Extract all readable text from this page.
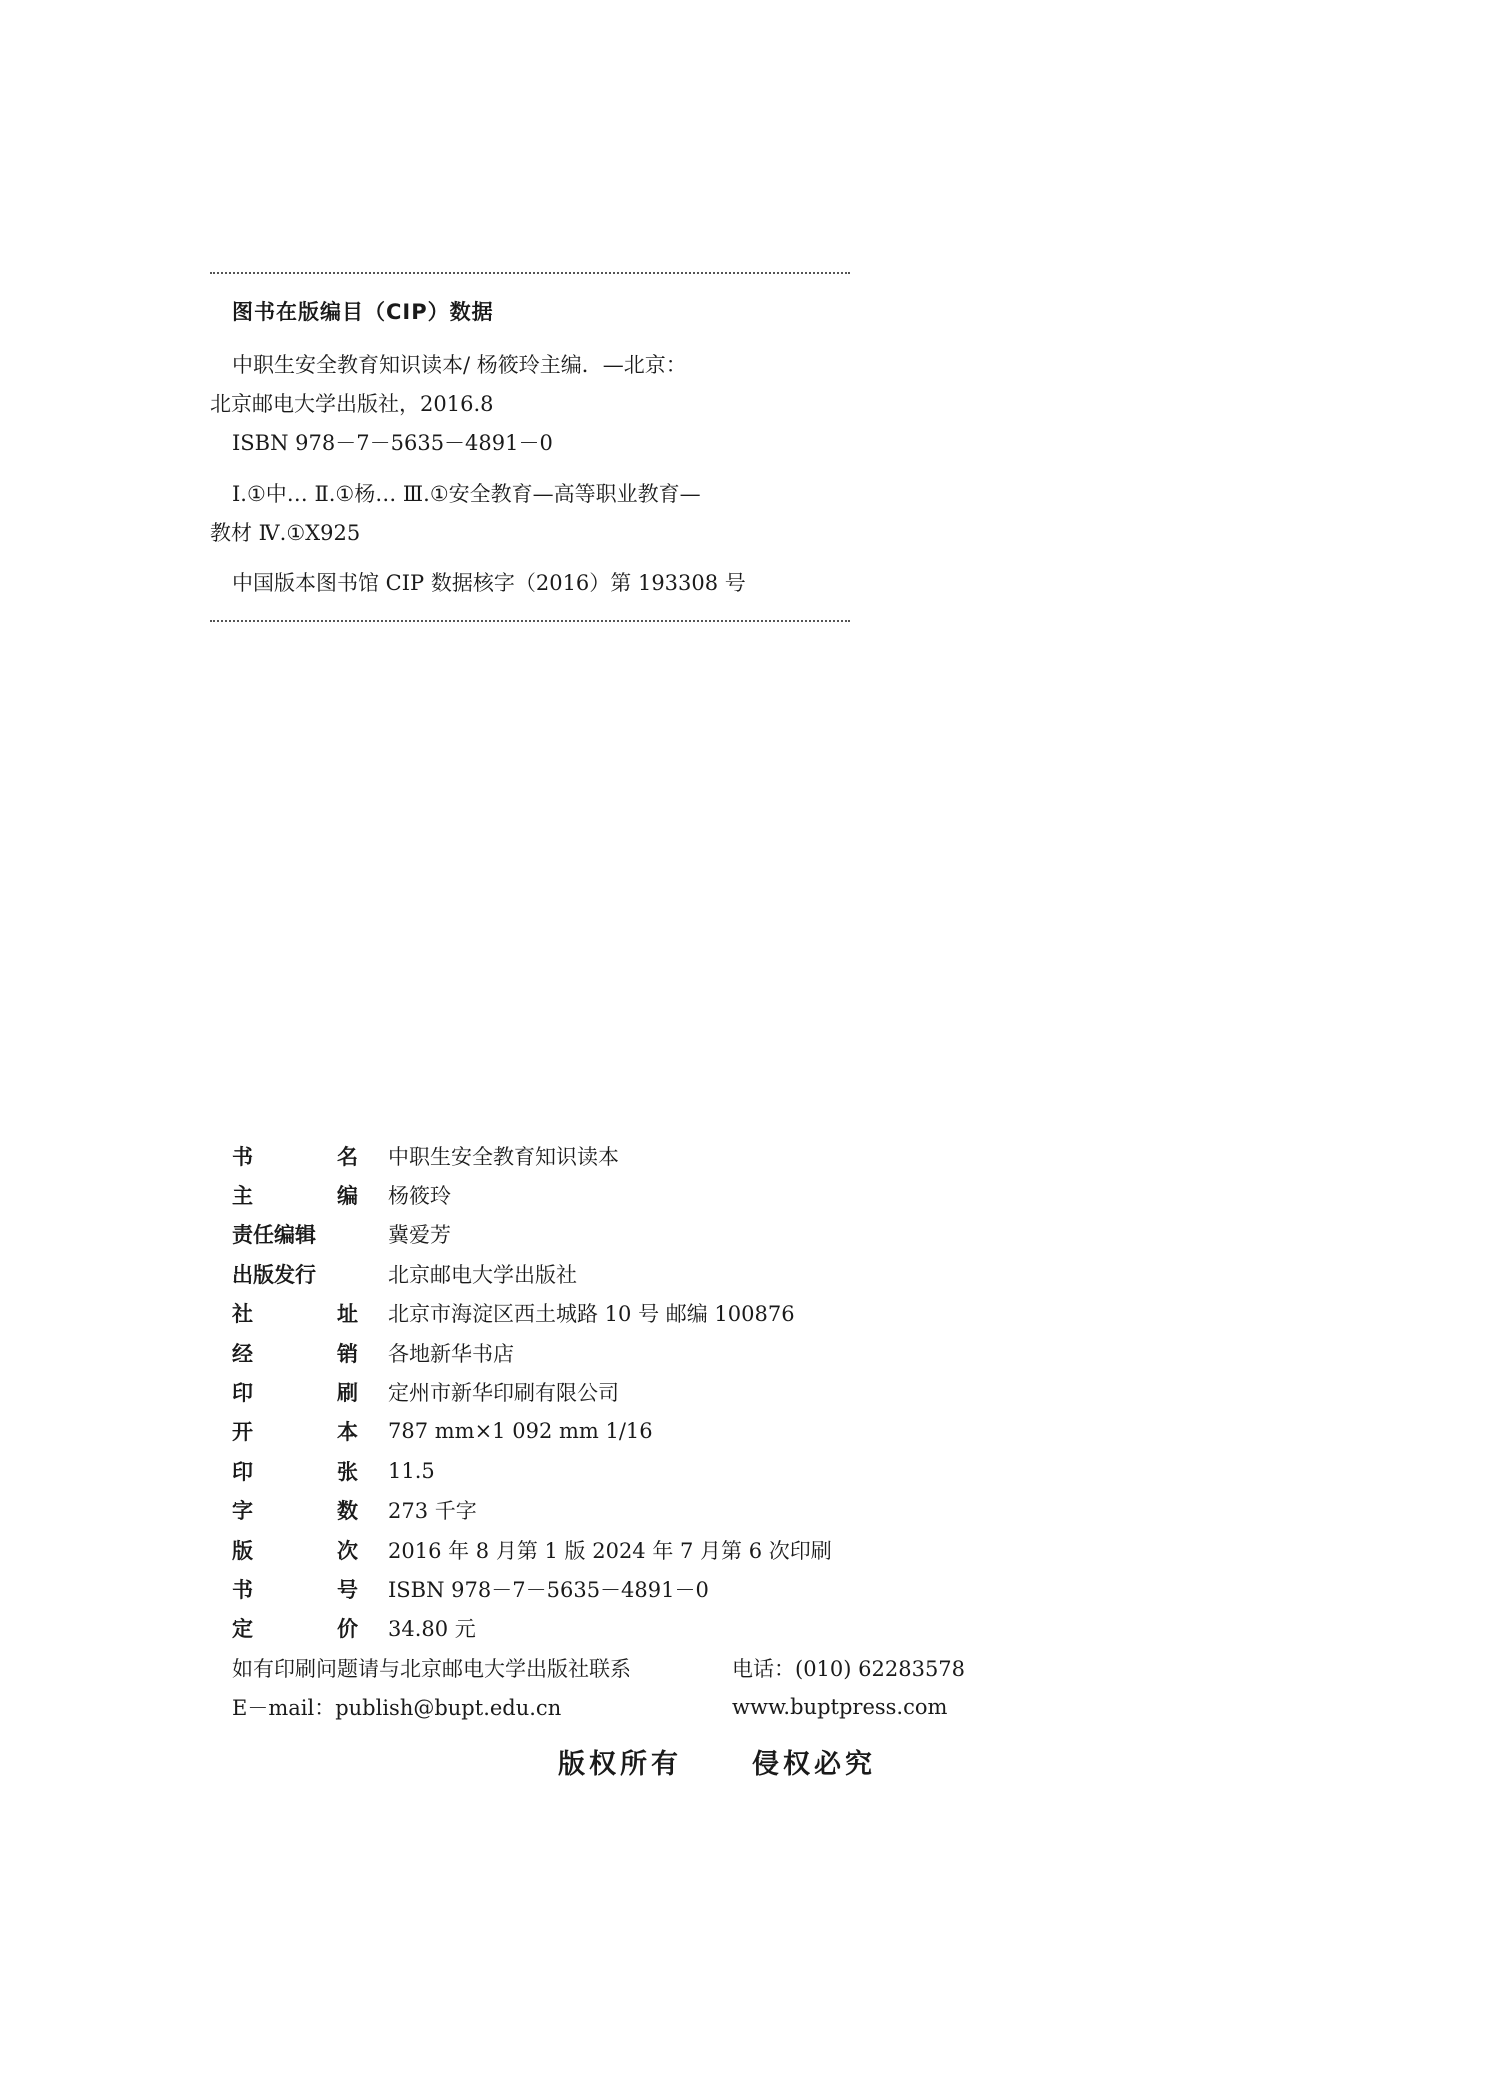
图书在版编目（CIP）数据
中职生安全教育知识读本/ 杨筱玲主编．—北京：
北京邮电大学出版社，2016.8
ISBN 978－7－5635－4891－0
Ⅰ.①中… Ⅱ.①杨… Ⅲ.①安全教育—高等职业教育—
教材 Ⅳ.①X925
中国版本图书馆 CIP 数据核字（2016）第 193308 号
书	名 中职生安全教育知识读本
主	编 杨筱玲
责任编辑	冀爱芳
出版发行	北京邮电大学出版社
社	址 北京市海淀区西土城路 10 号 邮编 100876
经	销 各地新华书店
印	刷 定州市新华印刷有限公司
开	本 787 mm×1 092 mm 1/16
印	张 11.5
字	数 273 千字
版	次 2016 年 8 月第 1 版 2024 年 7 月第 6 次印刷
书	号 ISBN 978－7－5635－4891－0
定	价 34.80 元
如有印刷问题请与北京邮电大学出版社联系	电话：(010) 62283578
E－mail：publish@bupt.edu.cn	www.buptpress.com
版权所有	侵权必究
